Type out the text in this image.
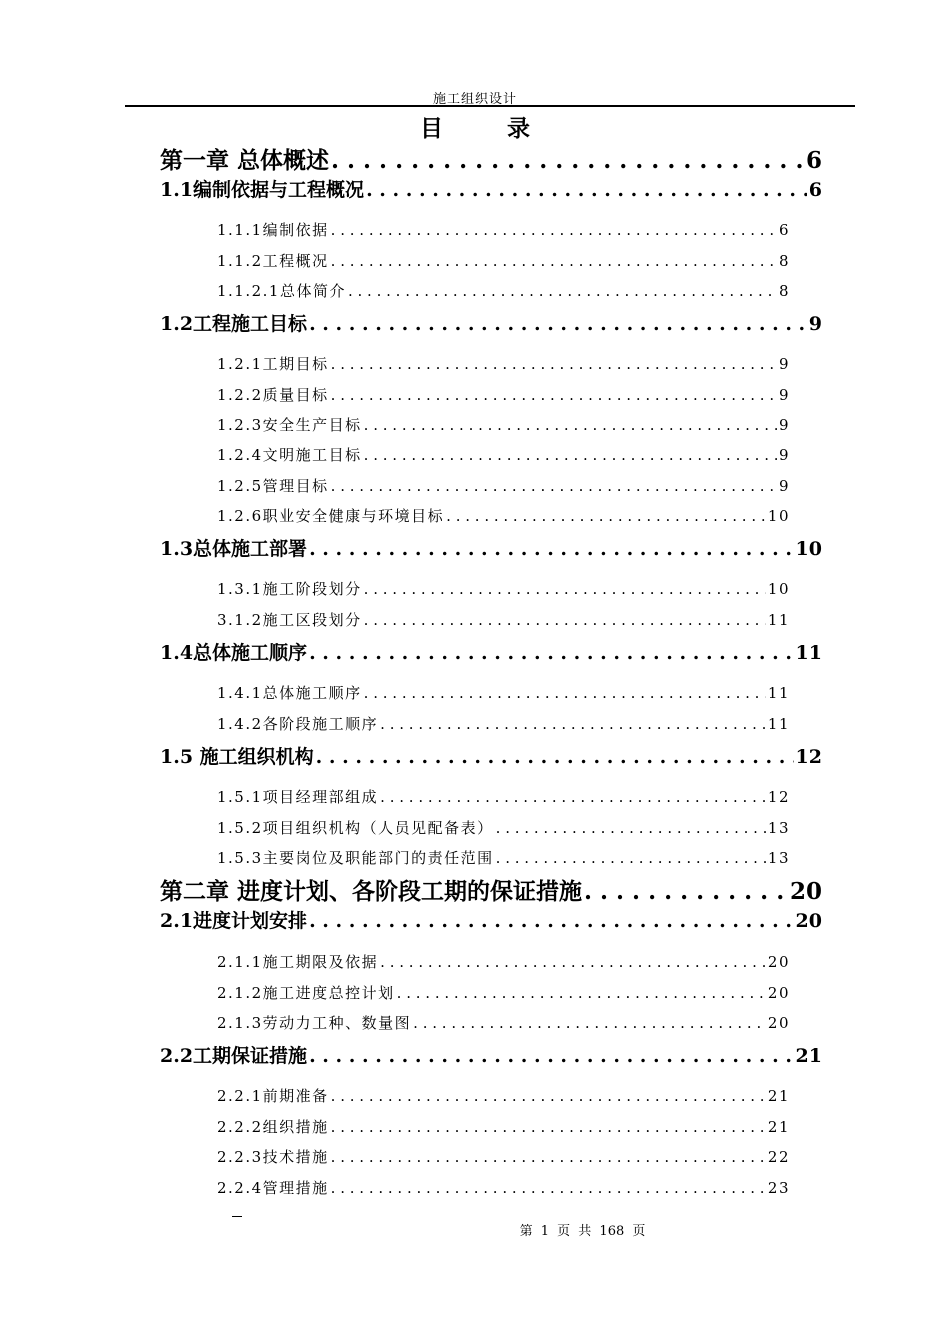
施工组织设计
目 录
第一章 总体概述 . . .	6
1.1编制依据与工程概况 . . .	6
1.1.1编制依据 . . .	6
1.1.2工程概况 . . .	8
1.1.2.1总体简介 . . .	8
1.2工程施工目标 . . .	9
1.2.1工期目标 . . .	9
1.2.2质量目标 . . .	9
1.2.3安全生产目标 . . .	9
1.2.4文明施工目标 . . .	9
1.2.5管理目标 . . .	9
1.2.6职业安全健康与环境目标 . . .	10
1.3总体施工部署 . . .	10
1.3.1施工阶段划分 . . .	10
3.1.2施工区段划分 . . .	11
1.4总体施工顺序 . . .	11
1.4.1总体施工顺序 . . .	11
1.4.2各阶段施工顺序 . . .	11
1.5 施工组织机构 . . .	12
1.5.1项目经理部组成 . . .	12
1.5.2项目组织机构（人员见配备表） . . .	13
1.5.3主要岗位及职能部门的责任范围 . . .	13
第二章 进度计划、各阶段工期的保证措施 . . .	20
2.1进度计划安排 . . .	20
2.1.1施工期限及依据 . . .	20
2.1.2施工进度总控计划 . . .	20
2.1.3劳动力工种、数量图 . . .	20
2.2工期保证措施 . . .	21
2.2.1前期准备 . . .	21
2.2.2组织措施 . . .	21
2.2.3技术措施 . . .	22
2.2.4管理措施 . . .	23
第 1 页 共 168 页
